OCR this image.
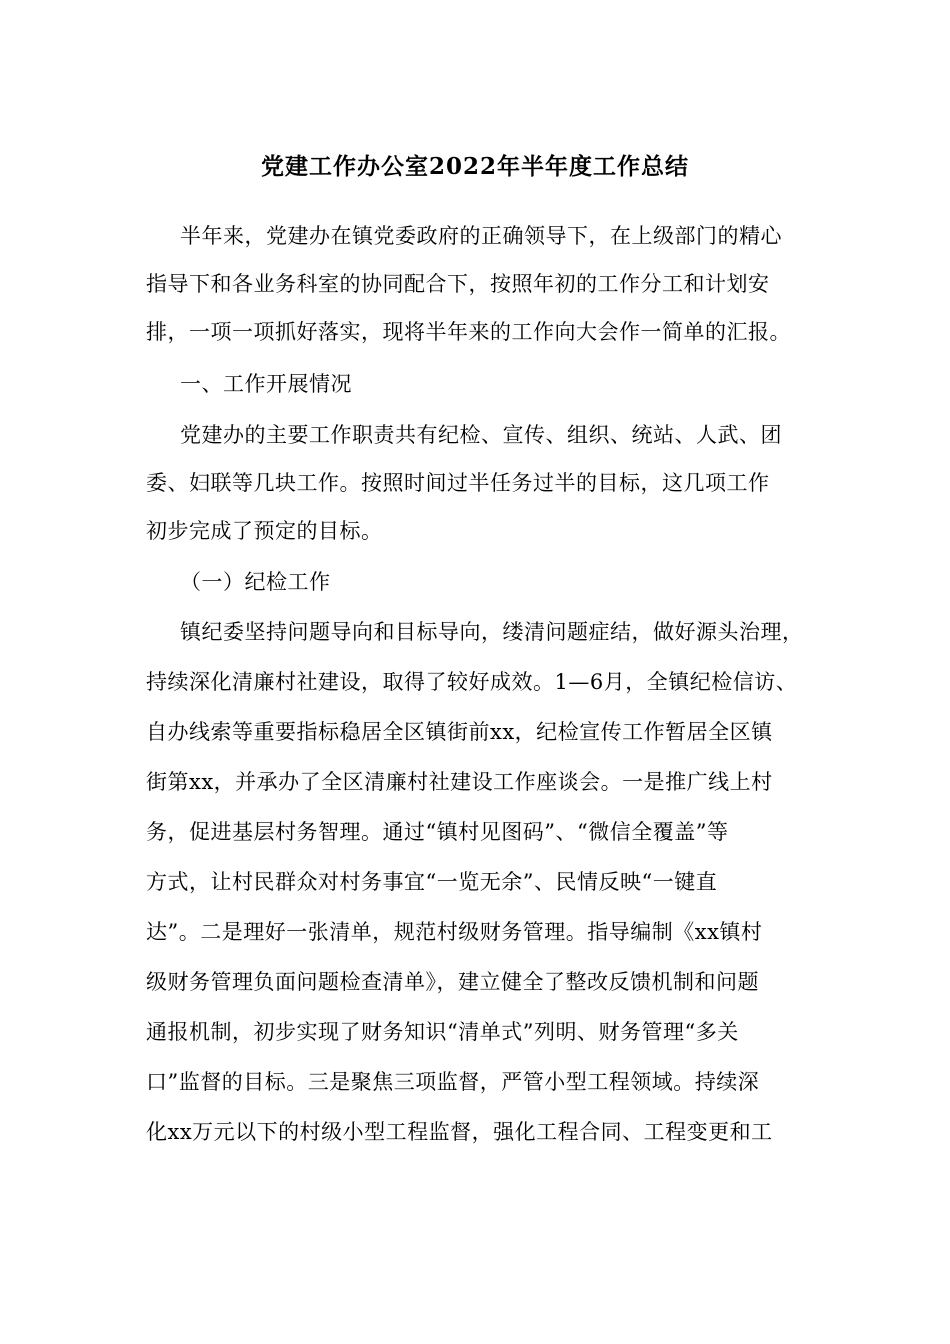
党建工作办公室2022年半年度工作总结
半年来，党建办在镇党委政府的正确领导下，在上级部门的精心
指导下和各业务科室的协同配合下，按照年初的工作分工和计划安
排，一项一项抓好落实，现将半年来的工作向大会作一简单的汇报。
一、工作开展情况
党建办的主要工作职责共有纪检、宣传、组织、统站、人武、团
委、妇联等几块工作。按照时间过半任务过半的目标，这几项工作
初步完成了预定的目标。
（一）纪检工作
镇纪委坚持问题导向和目标导向，缕清问题症结，做好源头治理，
持续深化清廉村社建设，取得了较好成效。1—6月，全镇纪检信访、
自办线索等重要指标稳居全区镇街前xx，纪检宣传工作暂居全区镇
街第xx，并承办了全区清廉村社建设工作座谈会。一是推广线上村
务，促进基层村务智理。通过“镇村见图码”、“微信全覆盖”等
方式，让村民群众对村务事宜“一览无余”、民情反映“一键直
达”。二是理好一张清单，规范村级财务管理。指导编制《xx镇村
级财务管理负面问题检查清单》，建立健全了整改反馈机制和问题
通报机制，初步实现了财务知识“清单式”列明、财务管理“多关
口”监督的目标。三是聚焦三项监督，严管小型工程领域。持续深
化xx万元以下的村级小型工程监督，强化工程合同、工程变更和工
